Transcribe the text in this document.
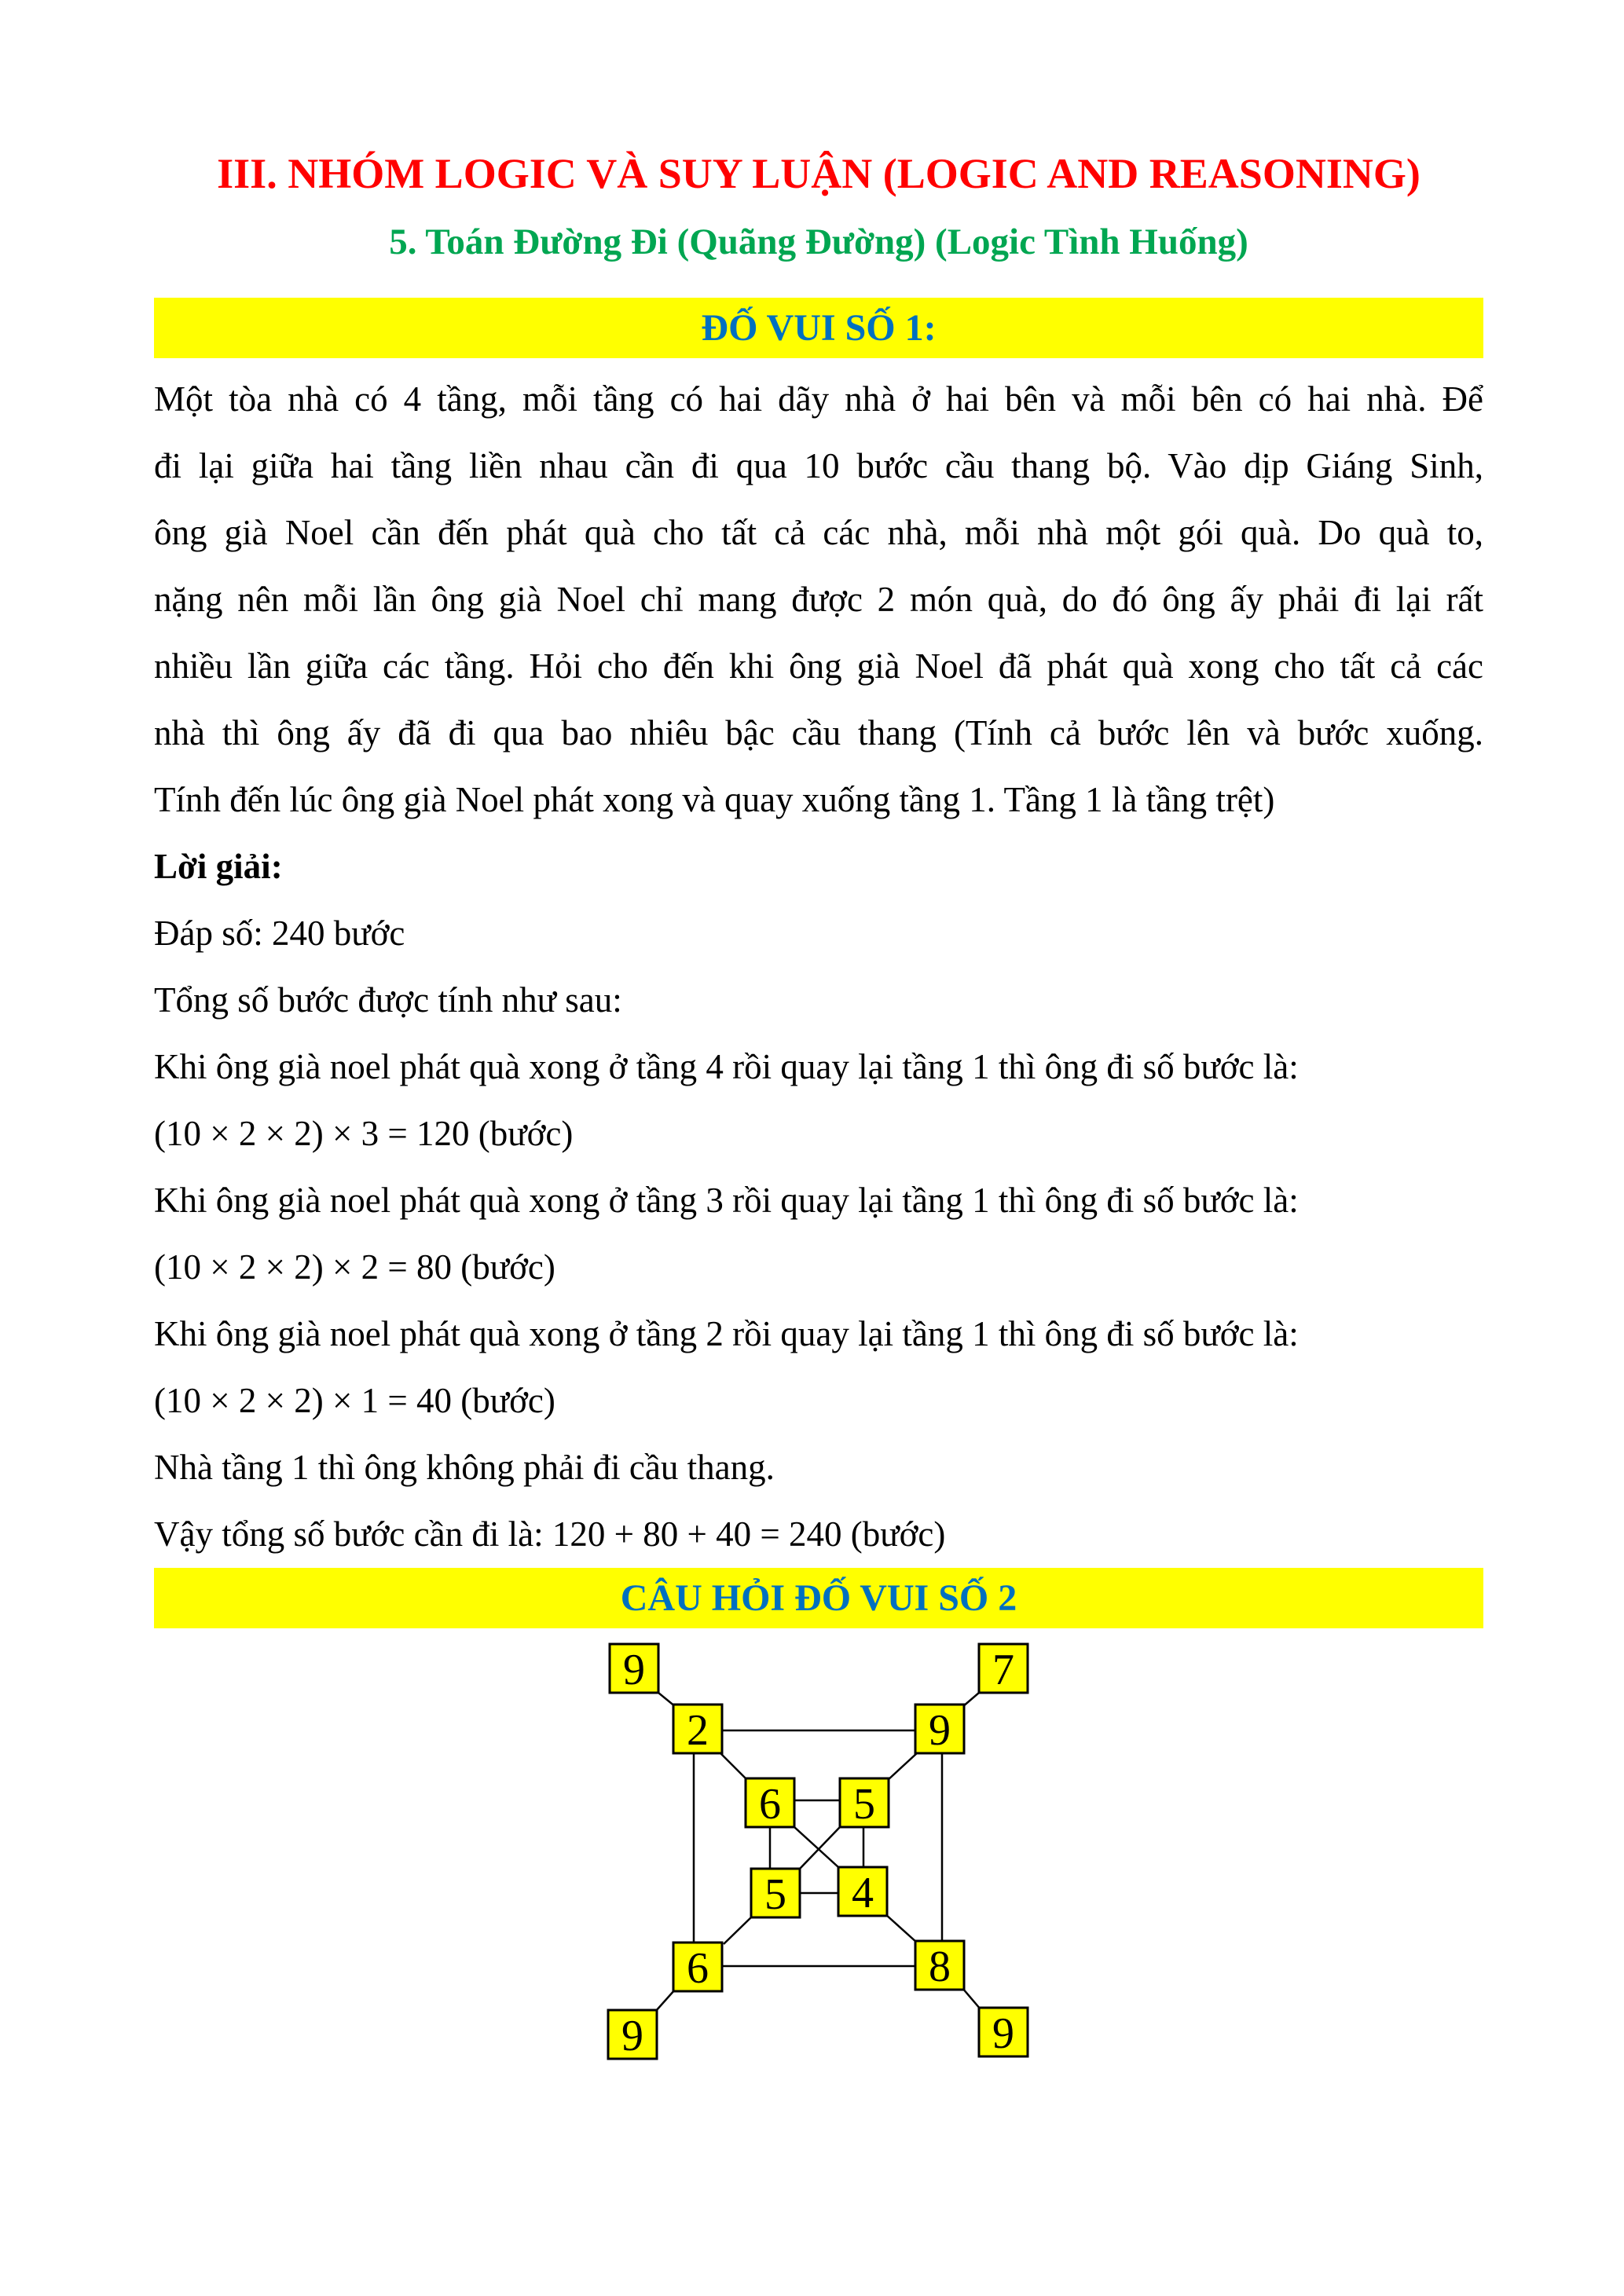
III. NHÓM LOGIC VÀ SUY LUẬN (LOGIC AND REASONING)
5. Toán Đường Đi (Quãng Đường) (Logic Tình Huống)
ĐỐ VUI SỐ 1:
Một tòa nhà có 4 tầng, mỗi tầng có hai dãy nhà ở hai bên và mỗi bên có hai nhà. Để
đi lại giữa hai tầng liền nhau cần đi qua 10 bước cầu thang bộ. Vào dịp Giáng Sinh,
ông già Noel cần đến phát quà cho tất cả các nhà, mỗi nhà một gói quà. Do quà to,
nặng nên mỗi lần ông già Noel chỉ mang được 2 món quà, do đó ông ấy phải đi lại rất
nhiều lần giữa các tầng. Hỏi cho đến khi ông già Noel đã phát quà xong cho tất cả các
nhà thì ông ấy đã đi qua bao nhiêu bậc cầu thang (Tính cả bước lên và bước xuống.
Tính đến lúc ông già Noel phát xong và quay xuống tầng 1. Tầng 1 là tầng trệt)
Lời giải:
Đáp số: 240 bước
Tổng số bước được tính như sau:
Khi ông già noel phát quà xong ở tầng 4 rồi quay lại tầng 1 thì ông đi số bước là:
(10 × 2 × 2) × 3 = 120 (bước)
Khi ông già noel phát quà xong ở tầng 3 rồi quay lại tầng 1 thì ông đi số bước là:
(10 × 2 × 2) × 2 = 80 (bước)
Khi ông già noel phát quà xong ở tầng 2 rồi quay lại tầng 1 thì ông đi số bước là:
(10 × 2 × 2) × 1 = 40 (bước)
Nhà tầng 1 thì ông không phải đi cầu thang.
Vậy tổng số bước cần đi là: 120 + 80 + 40 = 240 (bước)
CÂU HỎI ĐỐ VUI SỐ 2
9	7
2	9
6 5
5 4
6	8
9	9
